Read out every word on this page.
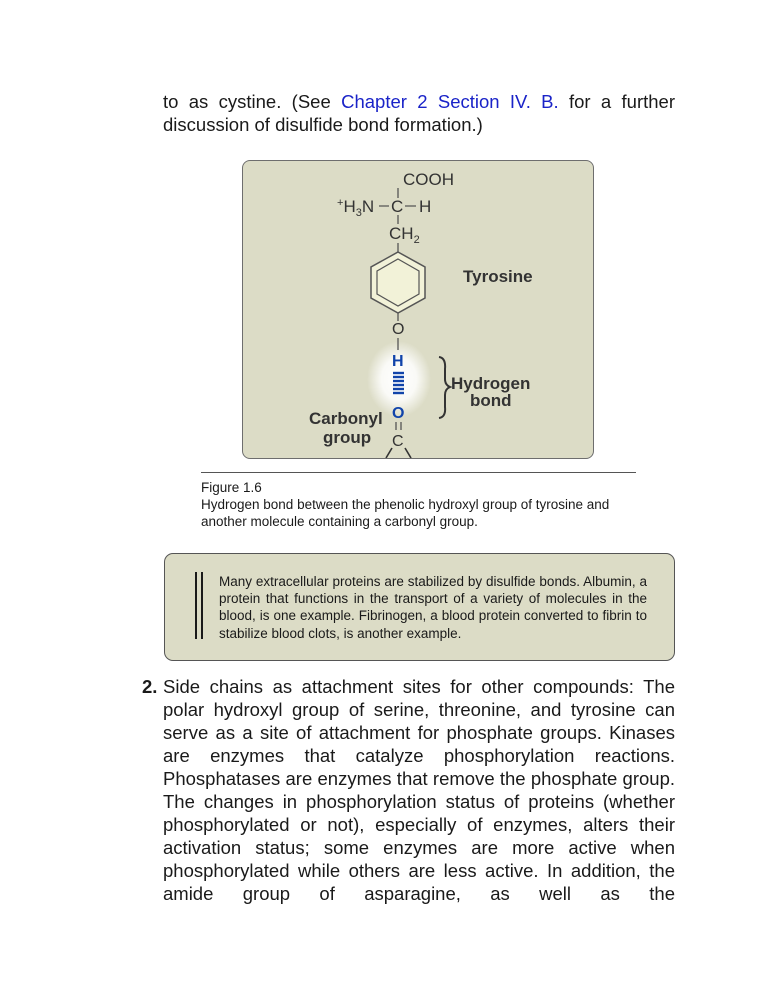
to as cystine. (See Chapter 2 Section IV. B. for a further
discussion of disulfide bond formation.)
COOH
$^+H_3N$ C H
$CH_2$
O
H
O
C
Tyrosine
Hydrogen
bond
Carbonyl
group
Figure 1.6
Hydrogen bond between the phenolic hydroxyl group of tyrosine and
another molecule containing a carbonyl group.
Many extracellular proteins are stabilized by disulfide bonds. Albumin, a protein that functions in the transport of a variety of molecules in the blood, is one example. Fibrinogen, a blood protein converted to fibrin to stabilize blood clots, is another example.
2. Side chains as attachment sites for other compounds: The polar hydroxyl group of serine, threonine, and tyrosine can serve as a site of attachment for phosphate groups. Kinases are enzymes that catalyze phosphorylation reactions. Phosphatases are enzymes that remove the phosphate group. The changes in phosphorylation status of proteins (whether phosphorylated or not), especially of enzymes, alters their activation status; some enzymes are more active when phosphorylated while others are less active. In addition, the amide group of asparagine, as well as the
